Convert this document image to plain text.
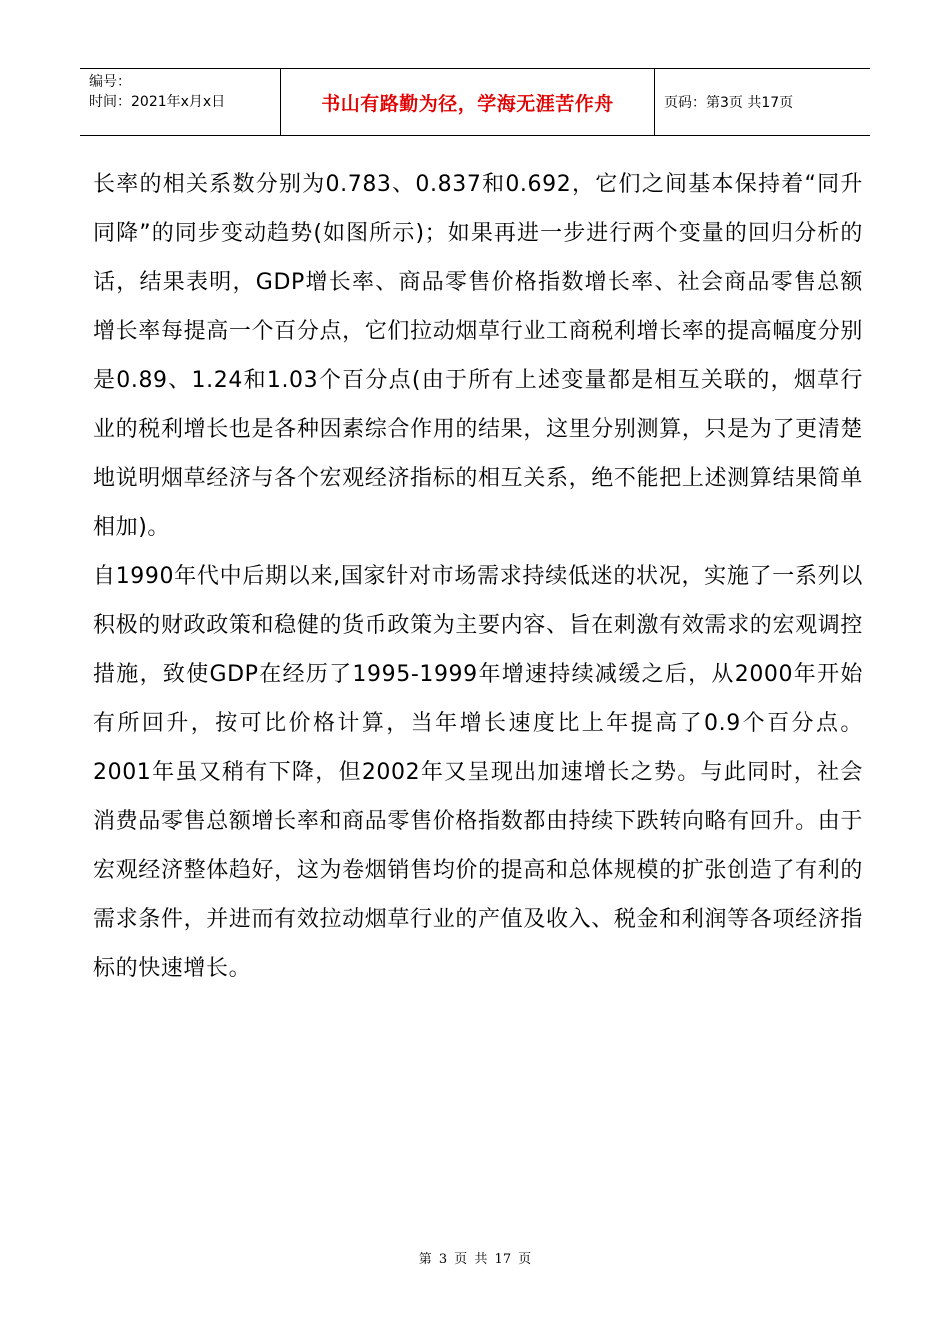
编号：
时间：2021年x月x日	书山有路勤为径，学海无涯苦作舟	页码：第3页 共17页

长率的相关系数分别为0.783、0.837和0.692，它们之间基本保持着“同升同降”的同步变动趋势(如图所示)；如果再进一步进行两个变量的回归分析的话，结果表明，GDP增长率、商品零售价格指数增长率、社会商品零售总额增长率每提高一个百分点，它们拉动烟草行业工商税利增长率的提高幅度分别是0.89、1.24和1.03个百分点(由于所有上述变量都是相互关联的，烟草行业的税利增长也是各种因素综合作用的结果，这里分别测算，只是为了更清楚地说明烟草经济与各个宏观经济指标的相互关系，绝不能把上述测算结果简单相加)。

自1990年代中后期以来,国家针对市场需求持续低迷的状况，实施了一系列以积极的财政政策和稳健的货币政策为主要内容、旨在刺激有效需求的宏观调控措施，致使GDP在经历了1995-1999年增速持续减缓之后，从2000年开始有所回升，按可比价格计算，当年增长速度比上年提高了0.9个百分点。2001年虽又稍有下降，但2002年又呈现出加速增长之势。与此同时，社会消费品零售总额增长率和商品零售价格指数都由持续下跌转向略有回升。由于宏观经济整体趋好，这为卷烟销售均价的提高和总体规模的扩张创造了有利的需求条件，并进而有效拉动烟草行业的产值及收入、税金和利润等各项经济指标的快速增长。

第 3 页 共 17 页
